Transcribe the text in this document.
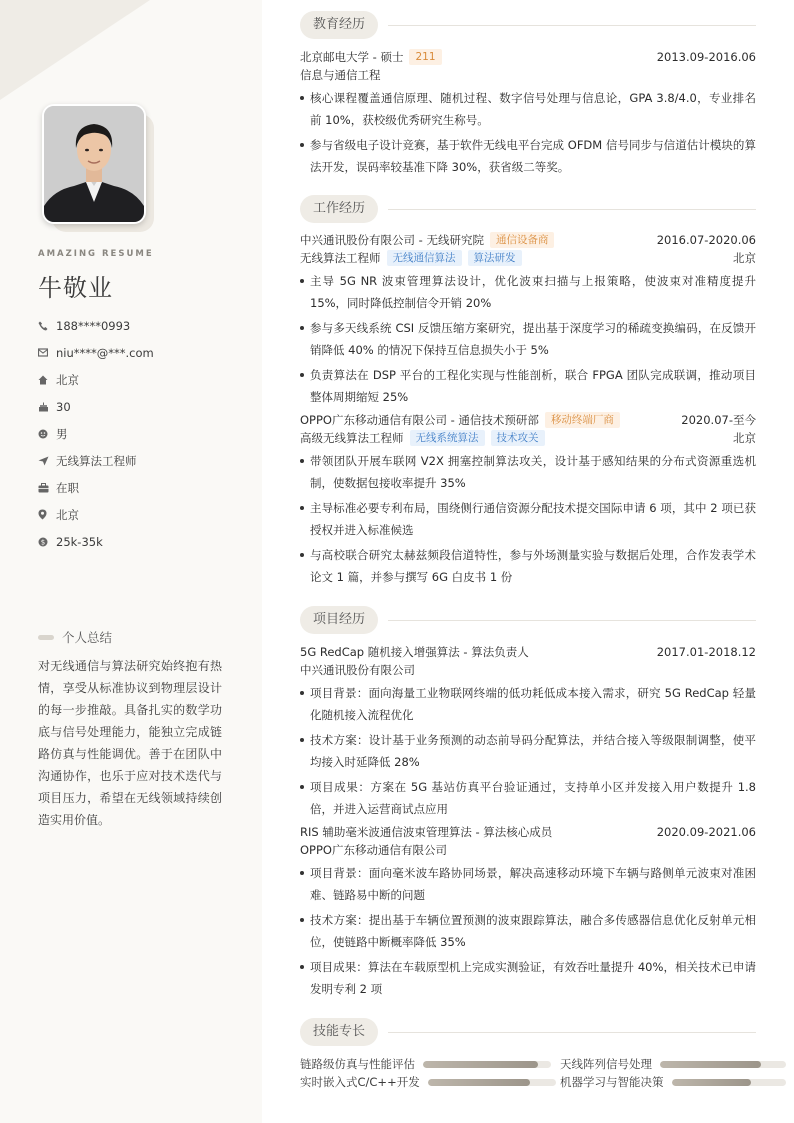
AMAZING RESUME
牛敬业
188****0993
niu****@***.com
北京
30
男
无线算法工程师
在职
北京
$ 25k-35k
个人总结
对无线通信与算法研究始终抱有热情，享受从标准协议到物理层设计的每一步推敲。具备扎实的数学功底与信号处理能力，能独立完成链路仿真与性能调优。善于在团队中沟通协作，也乐于应对技术迭代与项目压力，希望在无线领域持续创造实用价值。
教育经历
北京邮电大学 - 硕士	211	2013.09-2016.06
信息与通信工程
核心课程覆盖通信原理、随机过程、数字信号处理与信息论，GPA 3.8/4.0，专业排名前 10%，获校级优秀研究生称号。
参与省级电子设计竞赛，基于软件无线电平台完成 OFDM 信号同步与信道估计模块的算法开发，误码率较基准下降 30%，获省级二等奖。
工作经历
中兴通讯股份有限公司 - 无线研究院	通信设备商	2016.07-2020.06
无线算法工程师	无线通信算法	算法研发	北京
主导 5G NR 波束管理算法设计，优化波束扫描与上报策略，使波束对准精度提升 15%，同时降低控制信令开销 20%
参与多天线系统 CSI 反馈压缩方案研究，提出基于深度学习的稀疏变换编码，在反馈开销降低 40% 的情况下保持互信息损失小于 5%
负责算法在 DSP 平台的工程化实现与性能剖析，联合 FPGA 团队完成联调，推动项目整体周期缩短 25%
OPPO广东移动通信有限公司 - 通信技术预研部	移动终端厂商	2020.07-至今
高级无线算法工程师	无线系统算法	技术攻关	北京
带领团队开展车联网 V2X 拥塞控制算法攻关，设计基于感知结果的分布式资源重选机制，使数据包接收率提升 35%
主导标准必要专利布局，围绕侧行通信资源分配技术提交国际申请 6 项，其中 2 项已获授权并进入标准候选
与高校联合研究太赫兹频段信道特性，参与外场测量实验与数据后处理，合作发表学术论文 1 篇，并参与撰写 6G 白皮书 1 份
项目经历
5G RedCap 随机接入增强算法 - 算法负责人	2017.01-2018.12
中兴通讯股份有限公司
项目背景：面向海量工业物联网终端的低功耗低成本接入需求，研究 5G RedCap 轻量化随机接入流程优化
技术方案：设计基于业务预测的动态前导码分配算法，并结合接入等级限制调整，使平均接入时延降低 28%
项目成果：方案在 5G 基站仿真平台验证通过，支持单小区并发接入用户数提升 1.8 倍，并进入运营商试点应用
RIS 辅助毫米波通信波束管理算法 - 算法核心成员	2020.09-2021.06
OPPO广东移动通信有限公司
项目背景：面向毫米波车路协同场景，解决高速移动环境下车辆与路侧单元波束对准困难、链路易中断的问题
技术方案：提出基于车辆位置预测的波束跟踪算法，融合多传感器信息优化反射单元相位，使链路中断概率降低 35%
项目成果：算法在车载原型机上完成实测验证，有效吞吐量提升 40%，相关技术已申请发明专利 2 项
技能专长
链路级仿真与性能评估	天线阵列信号处理
实时嵌入式C/C++开发	机器学习与智能决策
